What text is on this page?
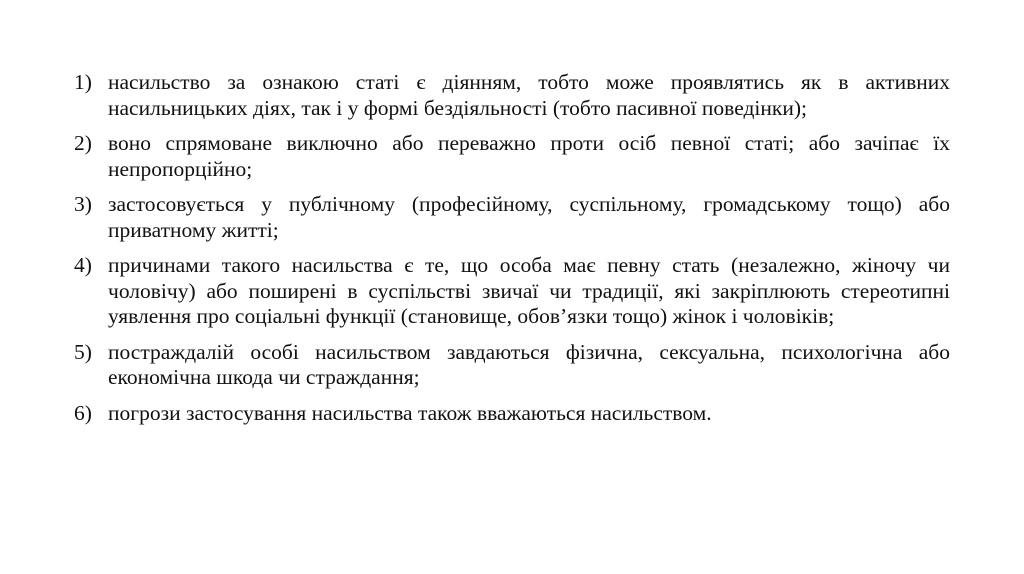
1) насильство за ознакою статі є діянням, тобто може проявлятись як в активних насильницьких діях, так і у формі бездіяльності (тобто пасивної поведінки);
2) воно спрямоване виключно або переважно проти осіб певної статі; або зачіпає їх непропорційно;
3) застосовується у публічному (професійному, суспільному, громадському тощо) або приватному житті;
4) причинами такого насильства є те, що особа має певну стать (незалежно, жіночу чи чоловічу) або поширені в суспільстві звичаї чи традиції, які закріплюють стереотипні уявлення про соціальні функції (становище, обов’язки тощо) жінок і чоловіків;
5) постраждалій особі насильством завдаються фізична, сексуальна, психологічна або економічна шкода чи страждання;
6) погрози застосування насильства також вважаються насильством.
